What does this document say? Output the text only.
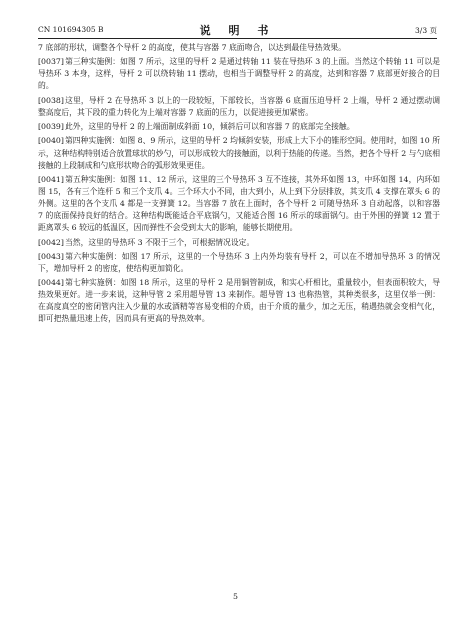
CN 101694305 B	说 明 书	3/3 页

7 底部的形状，调整各个导杆 2 的高度，使其与容器 7 底面吻合，以达到最佳导热效果。

[0037]第三种实施例：如图 7 所示，这里的导杆 2 是通过转轴 11 装在导热环 3 的上面。当然这个转轴 11 可以是导热环 3 本身，这样，导杆 2 可以绕转轴 11 摆动，也相当于调整导杆 2 的高度，达到和容器 7 底部更好接合的目的。

[0038]这里，导杆 2 在导热环 3 以上的一段较短，下部较长，当容器 6 底面压迫导杆 2 上端，导杆 2 通过摆动调整高度后，其下段的重力转化为上端对容器 7 底面的压力，以促进接更加紧密。

[0039]此外，这里的导杆 2 的上端面制成斜面 10，倾斜后可以和容器 7 的底部完全接触。

[0040]第四种实施例：如图 8、9 所示，这里的导杆 2 均倾斜安装，形成上大下小的锥形空间。使用时，如图 10 所示，这种结构特别适合放置球状的炒勺，可以形成较大的接触面，以利于热能的传递。当然，把各个导杆 2 与勺底相接触的上段制成和勺底形状吻合的弧形效果更佳。

[0041]第五种实施例：如图 11、12 所示，这里的三个导热环 3 互不连接，其外环如图 13，中环如图 14，内环如图 15，各有三个连杆 5 和三个支爪 4。三个环大小不同，由大到小，从上到下分层排放，其支爪 4 支撑在罩头 6 的外侧。这里的各个支爪 4 都是一支弹簧 12。当容器 7 放在上面时，各个导杆 2 可随导热环 3 自动起落，以和容器 7 的底面保持良好的结合。这种结构既能适合平底锅勺，又能适合图 16 所示的球面锅勺。由于外围的弹簧 12 置于距离罩头 6 较远的低温区，因而弹性不会受到太大的影响，能够长期使用。

[0042]当然，这里的导热环 3 不限于三个，可根据情况设定。

[0043]第六种实施例：如图 17 所示，这里的一个导热环 3 上内外均装有导杆 2，可以在不增加导热环 3 的情况下，增加导杆 2 的密度，使结构更加简化。

[0044]第七种实施例：如图 18 所示，这里的导杆 2 是用铜管制成，和实心杆相比，重量较小，但表面积较大，导热效果更好。进一步来说，这种导管 2 采用超导管 13 来制作。超导管 13 也称热管，其种类很多，这里仅举一例：在高度真空的密闭管内注入少量的水或酒精等容易变相的介质，由于介质的量少，加之无压，稍遇热就会变相气化，即可把热量迅速上传，因而具有更高的导热效率。

5
